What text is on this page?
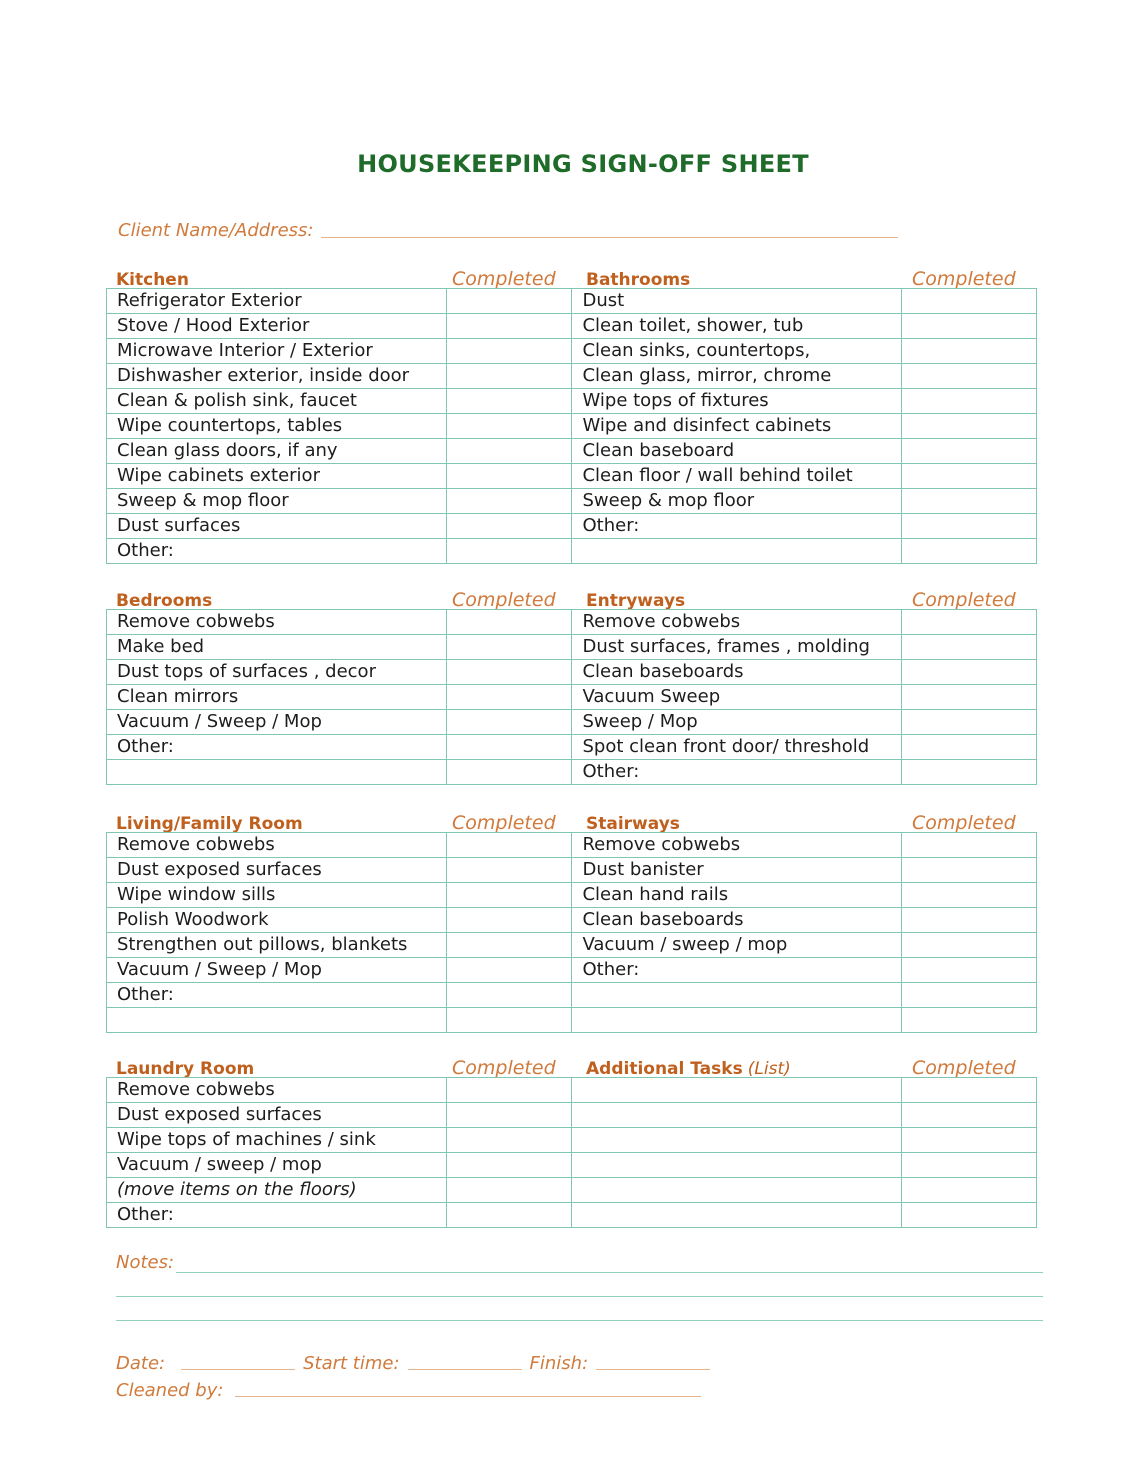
HOUSEKEEPING SIGN-OFF SHEET
Client Name/Address:
Kitchen	Completed Bathrooms	Completed
Refrigerator Exterior		Dust	
Stove / Hood Exterior		Clean toilet, shower, tub	
Microwave Interior / Exterior		Clean sinks, countertops,	
Dishwasher exterior, inside door		Clean glass, mirror, chrome	
Clean & polish sink, faucet		Wipe tops of fixtures	
Wipe countertops, tables		Wipe and disinfect cabinets	
Clean glass doors, if any		Clean baseboard	
Wipe cabinets exterior		Clean floor / wall behind toilet	
Sweep & mop floor		Sweep & mop floor	
Dust surfaces		Other:	
Other:			
Bedrooms	Completed Entryways	Completed
Remove cobwebs		Remove cobwebs	
Make bed		Dust surfaces, frames , molding	
Dust tops of surfaces , decor		Clean baseboards	
Clean mirrors		Vacuum Sweep	
Vacuum / Sweep / Mop		Sweep / Mop	
Other:		Spot clean front door/ threshold	
		Other:	
Living/Family Room	Completed Stairways	Completed
Remove cobwebs		Remove cobwebs	
Dust exposed surfaces		Dust banister	
Wipe window sills		Clean hand rails	
Polish Woodwork		Clean baseboards	
Strengthen out pillows, blankets		Vacuum / sweep / mop	
Vacuum / Sweep / Mop		Other:	
Other:			

Laundry Room	Completed Additional Tasks (List)	Completed
Remove cobwebs			
Dust exposed surfaces			
Wipe tops of machines / sink			
Vacuum / sweep / mop			
(move items on the floors)			
Other:			
Notes:
Date:	Start time:	Finish:
Cleaned by:
